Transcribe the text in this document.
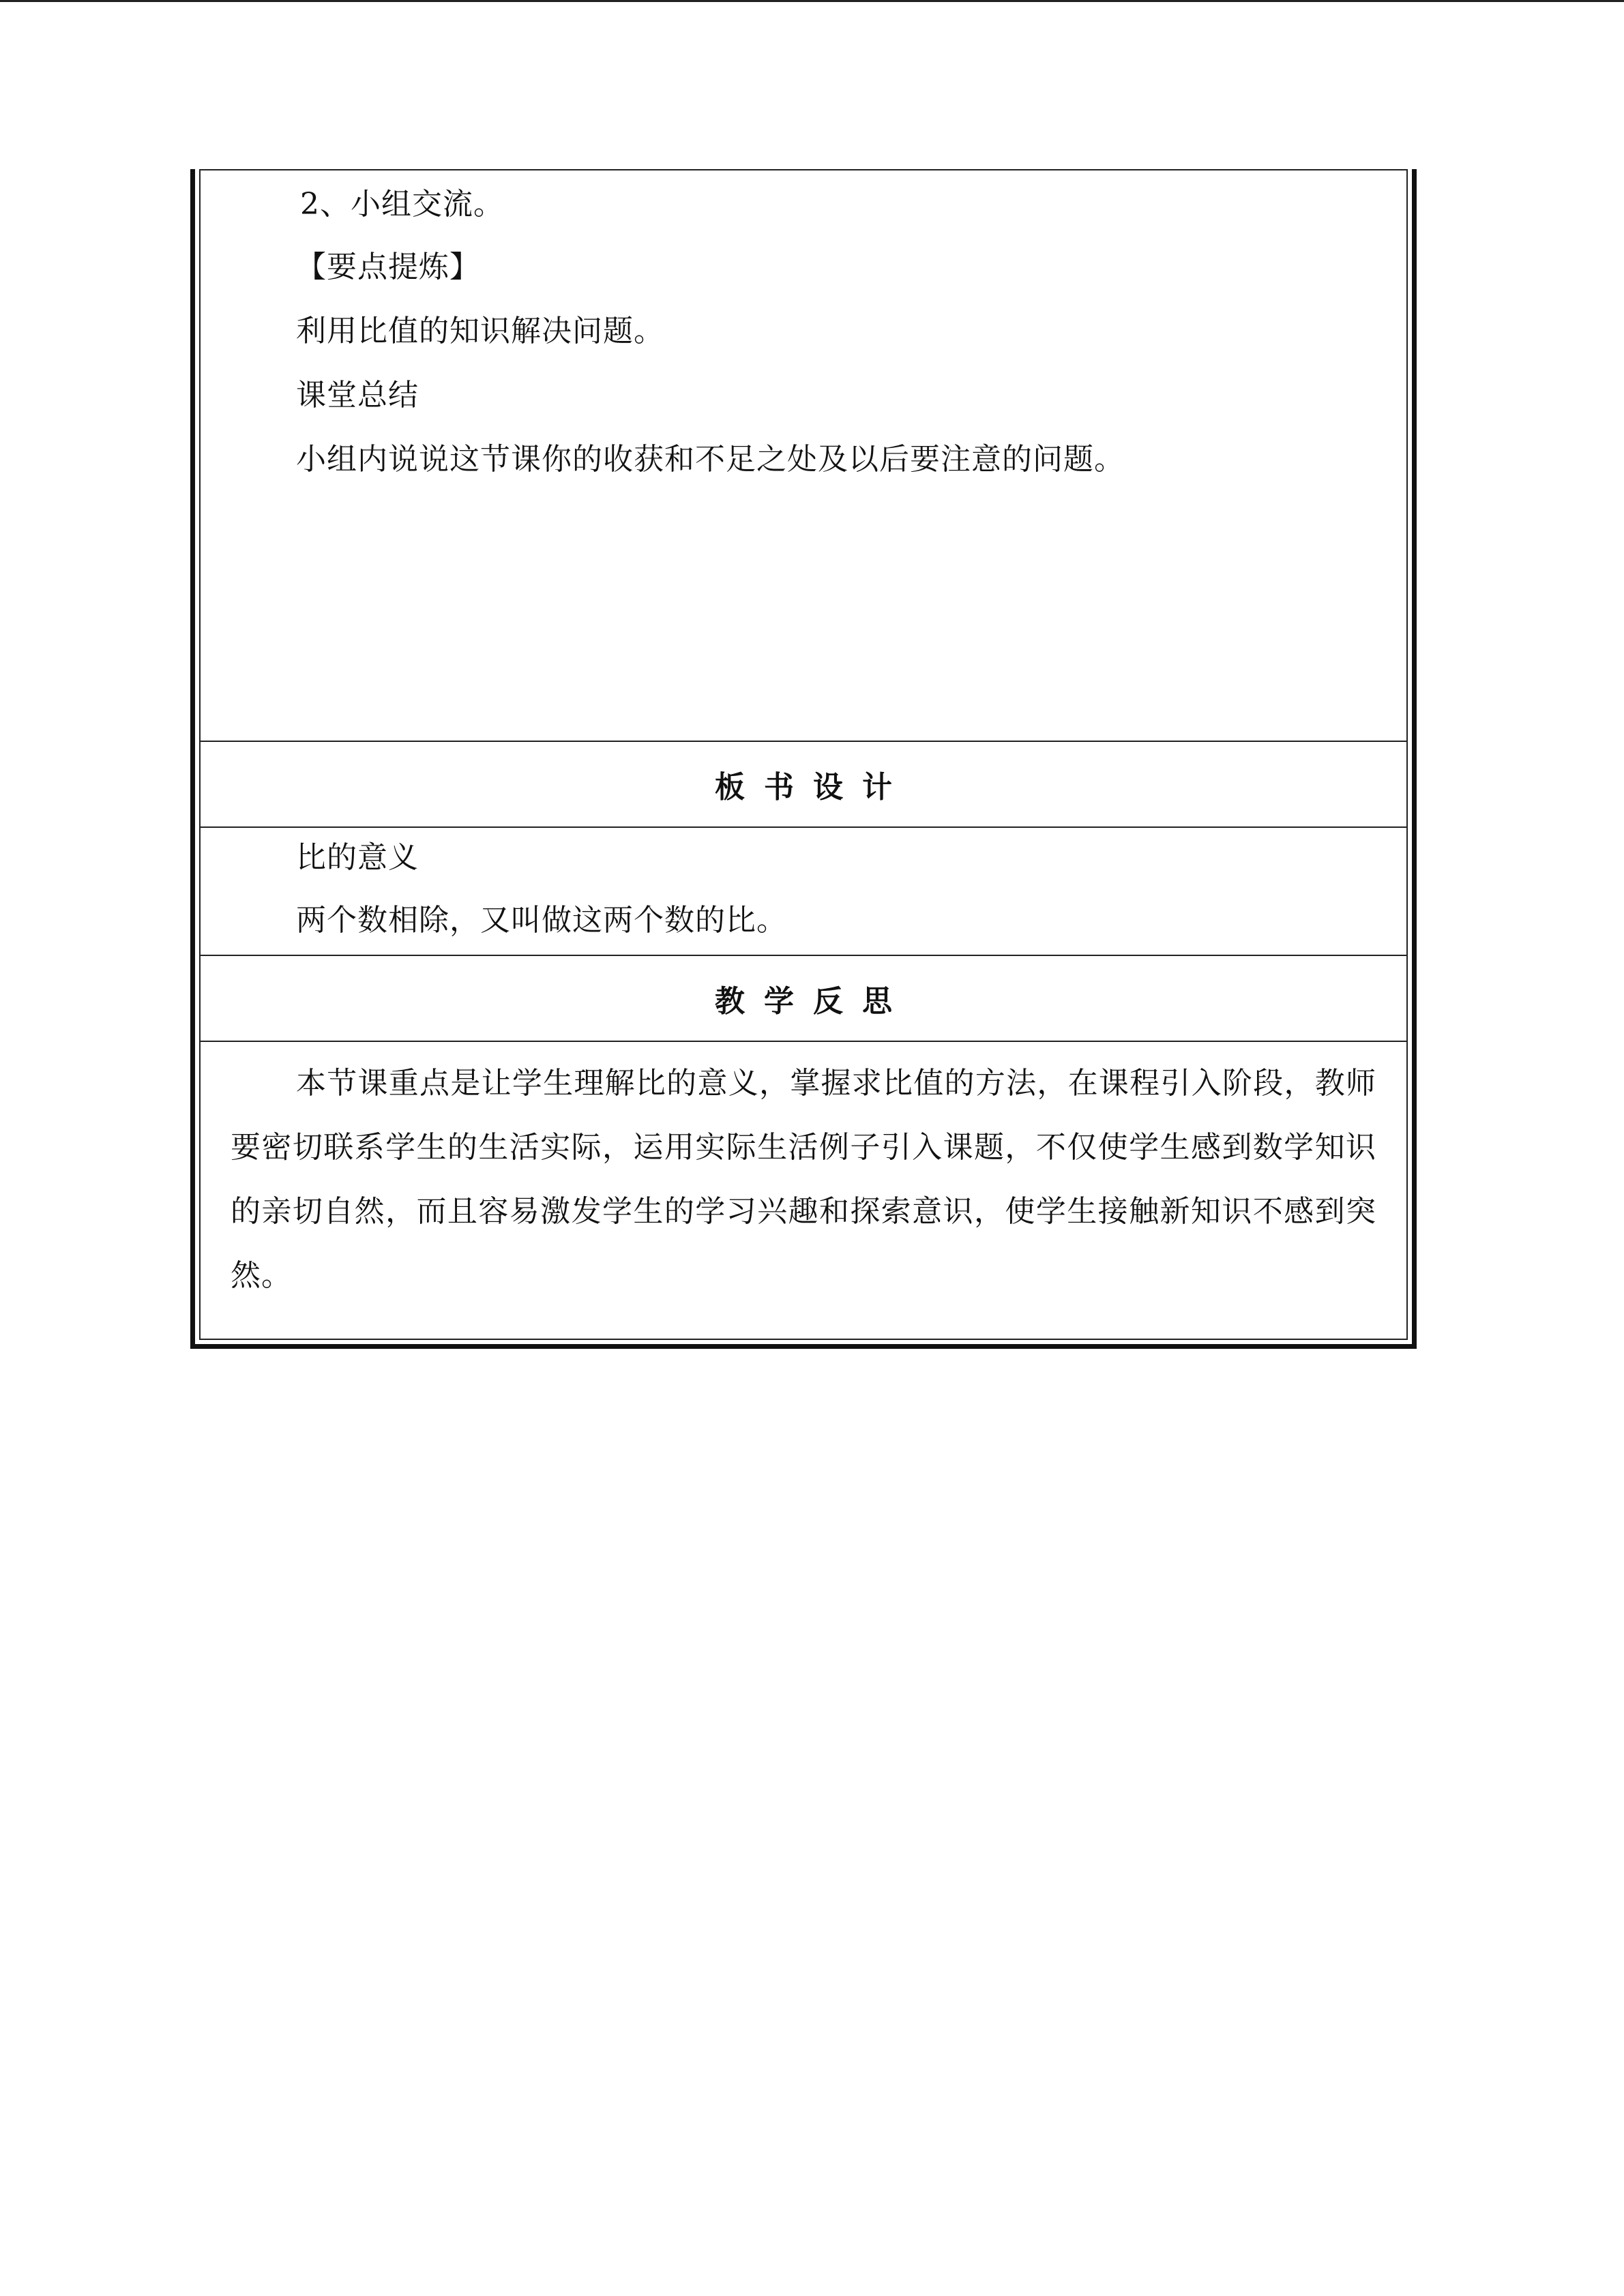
2、小组交流。
【要点提炼】
利用比值的知识解决问题。
课堂总结
小组内说说这节课你的收获和不足之处及以后要注意的问题。
板书设计
比的意义
两个数相除，又叫做这两个数的比。
教学反思
本节课重点是让学生理解比的意义，掌握求比值的方法，在课程引入阶段，教师要密切联系学生的生活实际，运用实际生活例子引入课题，不仅使学生感到数学知识的亲切自然，而且容易激发学生的学习兴趣和探索意识，使学生接触新知识不感到突然。
